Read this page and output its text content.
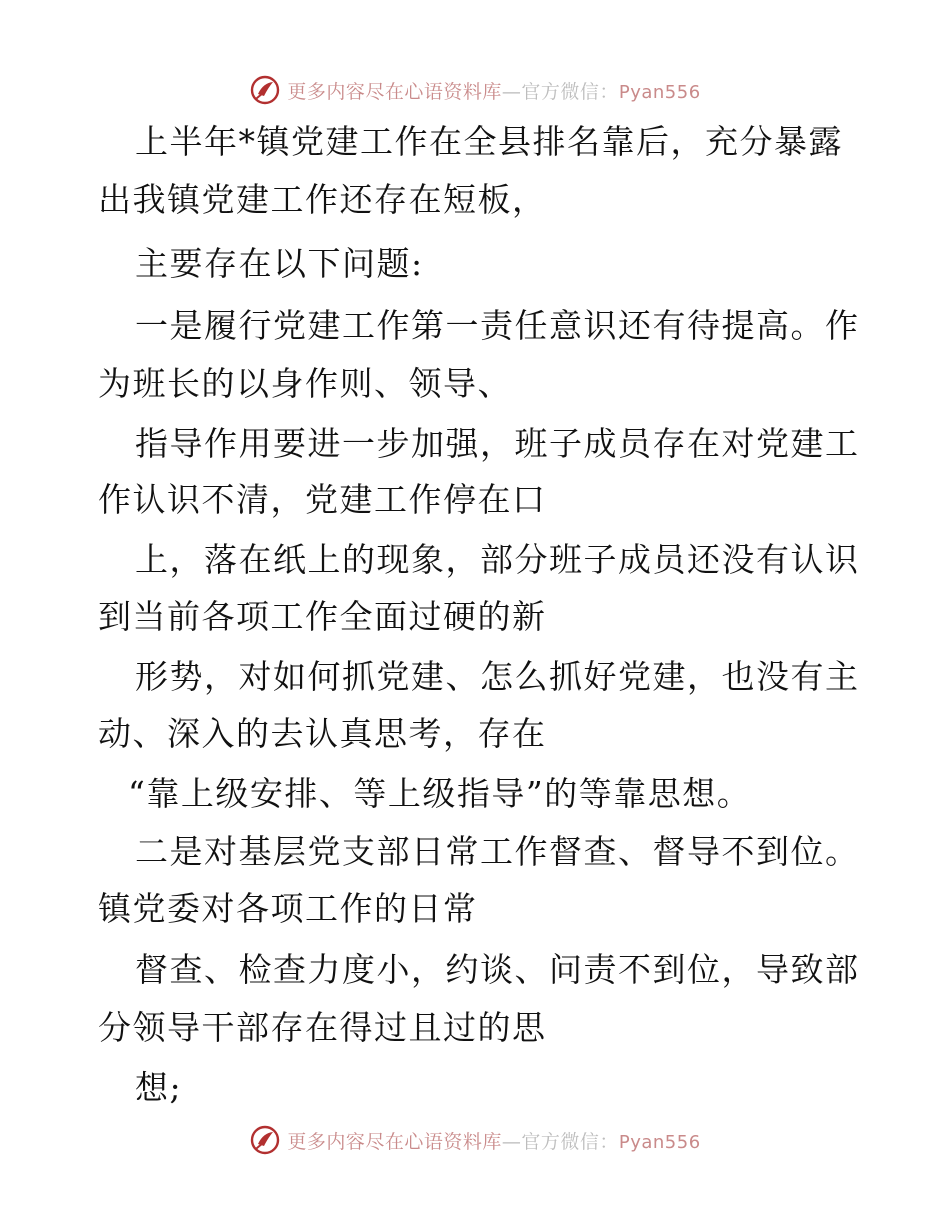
更多内容尽在心语资料库—官方微信：Pyan556
上半年*镇党建工作在全县排名靠后，充分暴露
出我镇党建工作还存在短板，
主要存在以下问题:
一是履行党建工作第一责任意识还有待提高。作
为班长的以身作则、领导、
指导作用要进一步加强，班子成员存在对党建工
作认识不清，党建工作停在口
上，落在纸上的现象，部分班子成员还没有认识
到当前各项工作全面过硬的新
形势，对如何抓党建、怎么抓好党建，也没有主
动、深入的去认真思考，存在
“靠上级安排、等上级指导”的等靠思想。
二是对基层党支部日常工作督查、督导不到位。
镇党委对各项工作的日常
督查、检查力度小，约谈、问责不到位，导致部
分领导干部存在得过且过的思
想;
更多内容尽在心语资料库—官方微信：Pyan556
